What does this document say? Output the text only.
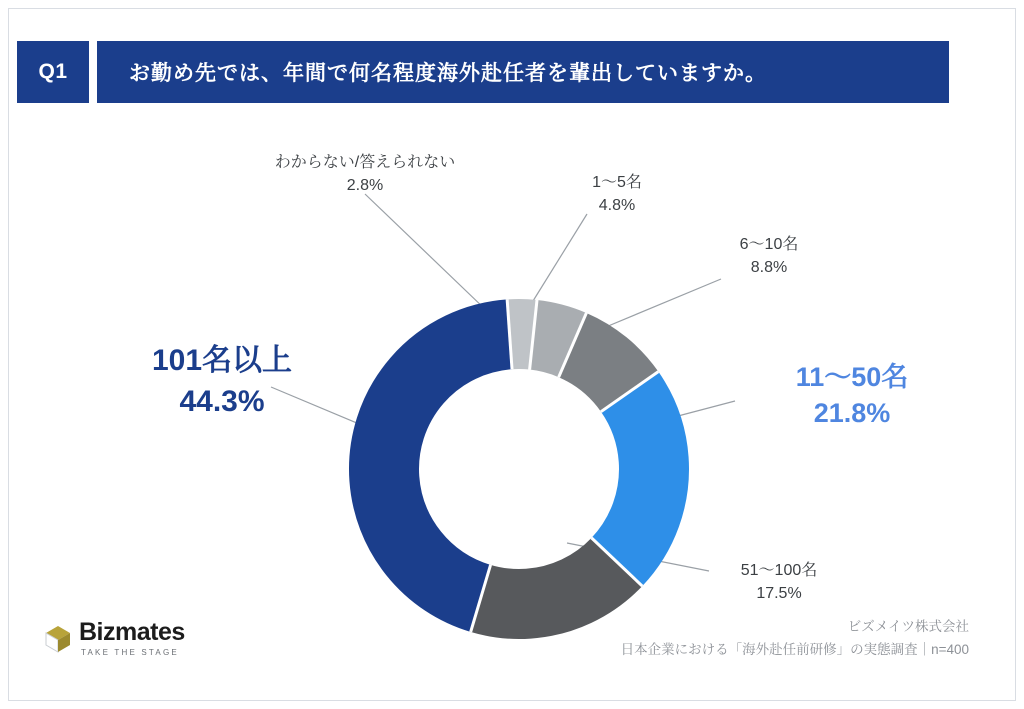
Q1	お勤め先では、年間で何名程度海外赴任者を輩出していますか。
わからない/答えられない
2.8%	1〜5名
4.8%
6〜10名
8.8%
51〜100名
17.5%
101名以上
44.3%
11〜50名
21.8%
Bizmates
TAKE THE STAGE
ビズメイツ株式会社
日本企業における「海外赴任前研修」の実態調査｜n=400
